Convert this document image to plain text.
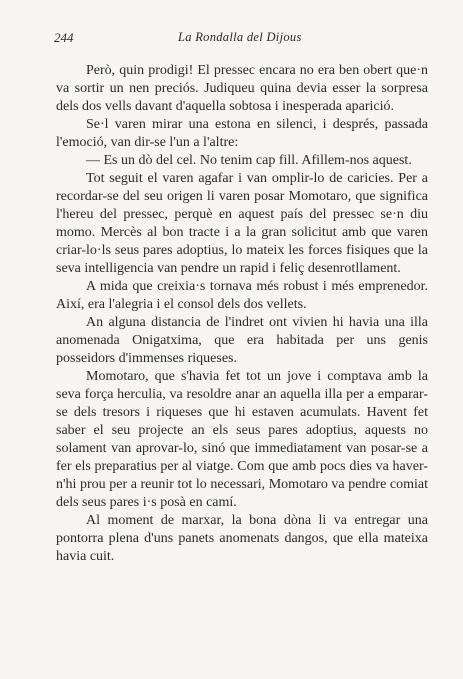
244	La Rondalla del Dijous

Però, quin prodigi! El pressec encara no era ben obert que·n va sortir un nen preciós. Judiqueu quina devia esser la sorpresa dels dos vells davant d'aquella sobtosa i inesperada aparició.

Se·l varen mirar una estona en silenci, i després, passada l'emoció, van dir-se l'un a l'altre:

— Es un dò del cel. No tenim cap fill. Afillem-nos aquest.

Tot seguit el varen agafar i van omplir-lo de caricies. Per a recordar-se del seu origen li varen posar Momotaro, que significa l'hereu del pressec, perquè en aquest país del pressec se·n diu momo. Mercès al bon tracte i a la gran solicitut amb que varen criar-lo·ls seus pares adoptius, lo mateix les forces fisiques que la seva intelligencia van pendre un rapid i feliç desenrotllament.

A mida que creixia·s tornava més robust i més emprenedor. Així, era l'alegria i el consol dels dos vellets.

An alguna distancia de l'indret ont vivien hi havia una illa anomenada Onigatxima, que era habitada per uns genis posseidors d'immenses riqueses.

Momotaro, que s'havia fet tot un jove i comptava amb la seva força herculia, va resoldre anar an aquella illa per a emparar-se dels tresors i riqueses que hi estaven acumulats. Havent fet saber el seu projecte an els seus pares adoptius, aquests no solament van aprovar-lo, sinó que immediatament van posar-se a fer els preparatius per al viatge. Com que amb pocs dies va haver-n'hi prou per a reunir tot lo necessari, Momotaro va pendre comiat dels seus pares i·s posà en camí.

Al moment de marxar, la bona dòna li va entregar una pontorra plena d'uns panets anomenats dangos, que ella mateixa havia cuit.
